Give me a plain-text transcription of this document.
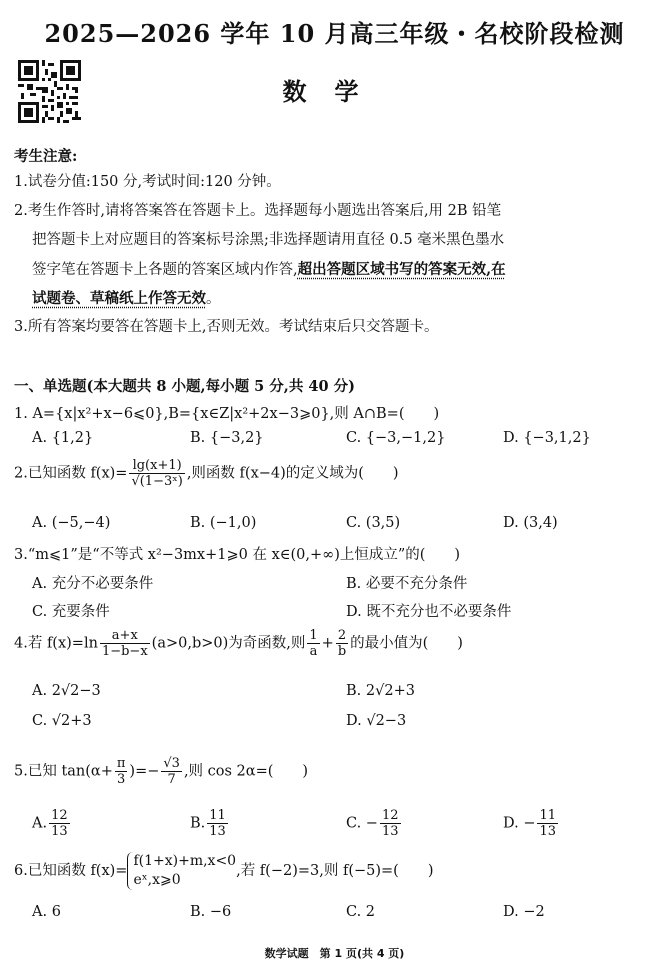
2025—2026 学年 10 月高三年级・名校阶段检测
数学
考生注意:
1.试卷分值:150 分,考试时间:120 分钟。
2.考生作答时,请将答案答在答题卡上。选择题每小题选出答案后,用 2B 铅笔
把答题卡上对应题目的答案标号涂黑;非选择题请用直径 0.5 毫米黑色墨水
签字笔在答题卡上各题的答案区域内作答,超出答题区域书写的答案无效,在
试题卷、草稿纸上作答无效。
3.所有答案均要答在答题卡上,否则无效。考试结束后只交答题卡。
一、单选题(本大题共 8 小题,每小题 5 分,共 40 分)
1. A={x|x²+x−6⩽0},B={x∈Z|x²+2x−3⩾0},则 A∩B=(　　)
A. {1,2}	B. {−3,2}	C. {−3,−1,2}	D. {−3,1,2}
2.已知函数 $f(x)= \frac{\lg(x+1)}{\text{√(1−3ˣ)}}$ ,则函数 f(x−4)的定义域为(　　)
A. (−5,−4)	B. (−1,0)	C. (3,5)	D. (3,4)
3.“m⩽1”是“不等式 x²−3mx+1⩾0 在 x∈(0,+∞)上恒成立”的(　　)
A. 充分不必要条件	B. 必要不充分条件
C. 充要条件	D. 既不充分也不必要条件
4.若 $f(x)=\ln \frac{a+x}{1-b-x} (a>0,b>0)$为奇函数,则 $\frac{1}{a} + \frac{2}{b}$ 的最小值为(　　)
A. 2√2−3	B. 2√2+3
C. √2+3	D. √2−3
5.已知 $\tan(\alpha+ \frac{\pi}{3}$ )=− $\frac{√3}{7}$ ,则 cos 2α=(　　)
A. $\frac{12}{13}$	B. $\frac{11}{13}$	C. − $\frac{12}{13}$	D. − $\frac{11}{13}$
6.已知函数 f(x)=
f(1+x)+m,x<0
eˣ,x⩾0
,若 f(−2)=3,则 f(−5)=(　　)
A. 6	B. −6	C. 2	D. −2
数学试题　第 1 页(共 4 页)
